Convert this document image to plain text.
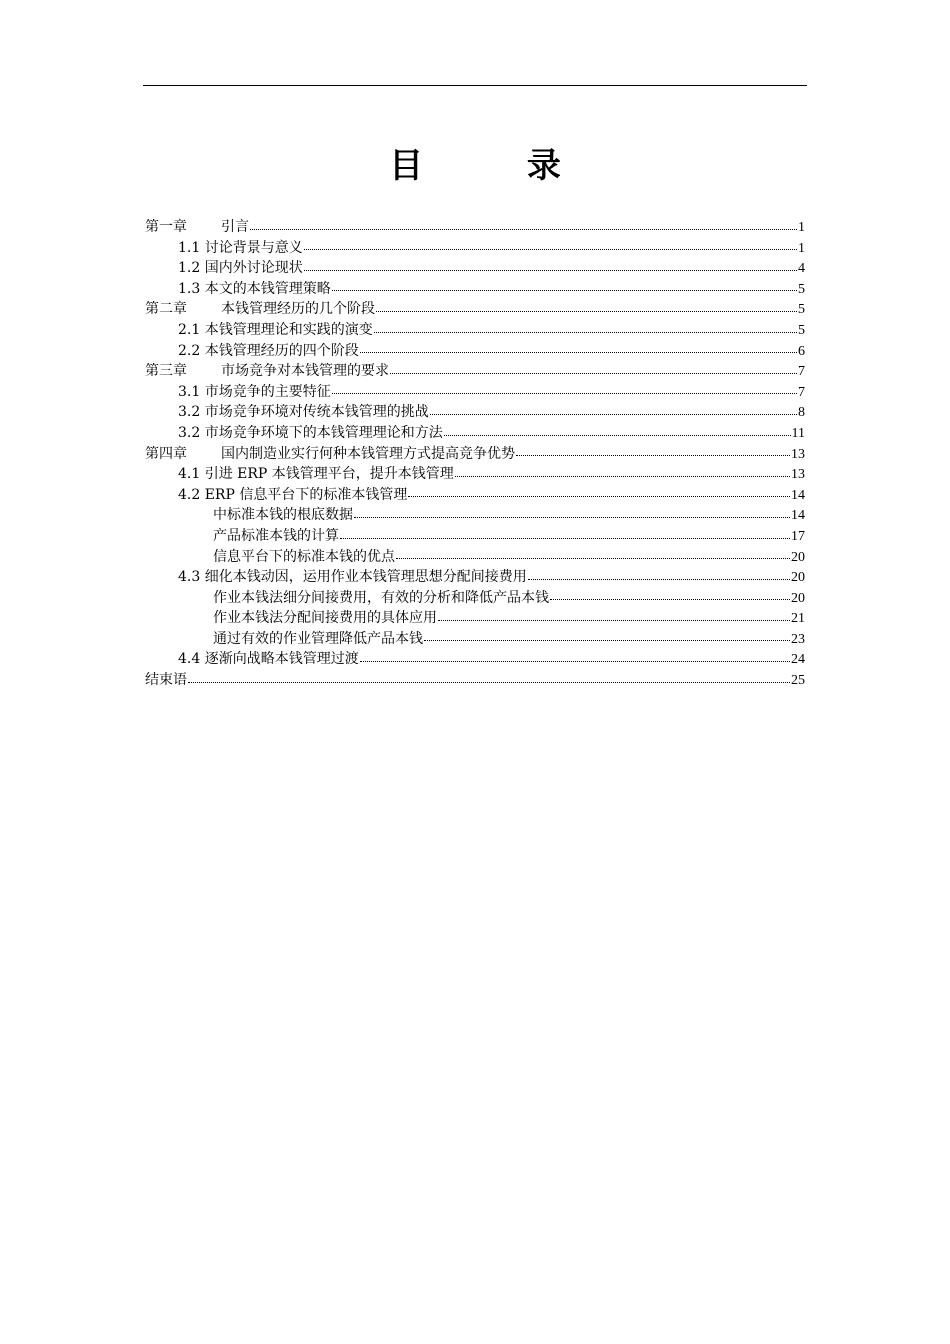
目 录
第一章 引言	1
1.1 讨论背景与意义	1
1.2 国内外讨论现状	4
1.3 本文的本钱管理策略	5
第二章 本钱管理经历的几个阶段	5
2.1 本钱管理理论和实践的演变	5
2.2 本钱管理经历的四个阶段	6
第三章 市场竞争对本钱管理的要求	7
3.1 市场竞争的主要特征	7
3.2 市场竞争环境对传统本钱管理的挑战	8
3.2 市场竞争环境下的本钱管理理论和方法	11
第四章 国内制造业实行何种本钱管理方式提高竞争优势	13
4.1 引进 ERP 本钱管理平台，提升本钱管理	13
4.2 ERP 信息平台下的标准本钱管理	14
中标准本钱的根底数据	14
产品标准本钱的计算	17
信息平台下的标准本钱的优点	20
4.3 细化本钱动因，运用作业本钱管理思想分配间接费用	20
作业本钱法细分间接费用，有效的分析和降低产品本钱	20
作业本钱法分配间接费用的具体应用	21
通过有效的作业管理降低产品本钱	23
4.4 逐渐向战略本钱管理过渡	24
结束语	25
